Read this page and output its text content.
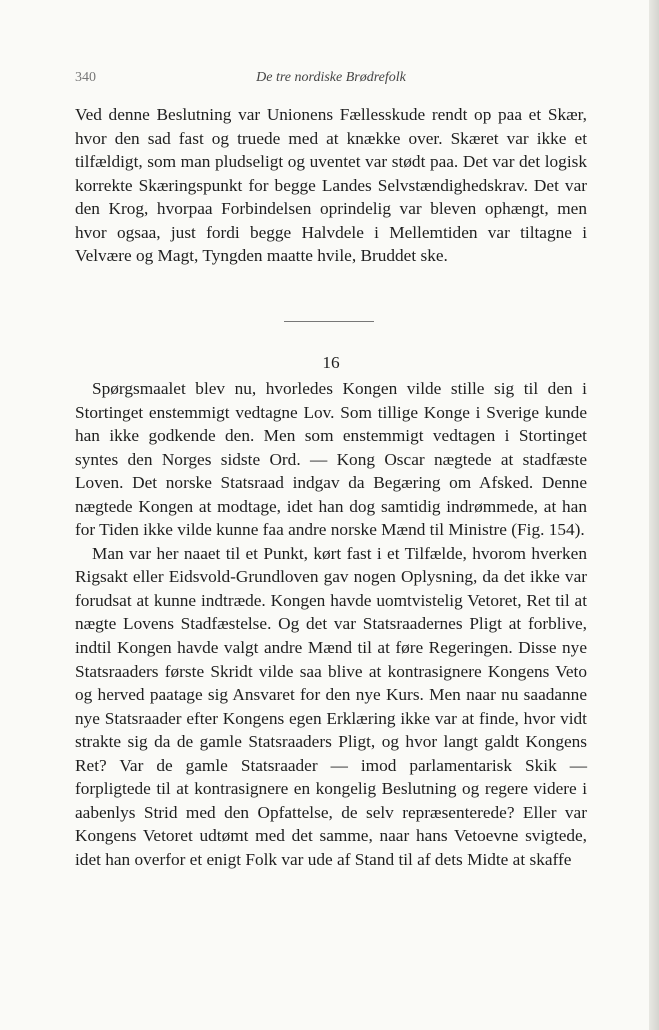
340	De tre nordiske Brødrefolk

Ved denne Beslutning var Unionens Fællesskude rendt op paa et Skær, hvor den sad fast og truede med at knække over. Skæret var ikke et tilfældigt, som man pludseligt og uventet var stødt paa. Det var det logisk korrekte Skæringspunkt for begge Landes Selvstændighedskrav. Det var den Krog, hvorpaa Forbindelsen oprindelig var bleven ophængt, men hvor ogsaa, just fordi begge Halvdele i Mellemtiden var tiltagne i Velvære og Magt, Tyngden maatte hvile, Bruddet ske.

16

Spørgsmaalet blev nu, hvorledes Kongen vilde stille sig til den i Stortinget enstemmigt vedtagne Lov. Som tillige Konge i Sverige kunde han ikke godkende den. Men som enstemmigt vedtagen i Stortinget syntes den Norges sidste Ord. — Kong Oscar nægtede at stadfæste Loven. Det norske Statsraad indgav da Begæring om Afsked. Denne nægtede Kongen at modtage, idet han dog samtidig indrømmede, at han for Tiden ikke vilde kunne faa andre norske Mænd til Ministre (Fig. 154).

Man var her naaet til et Punkt, kørt fast i et Tilfælde, hvorom hverken Rigsakt eller Eidsvold-Grundloven gav nogen Oplysning, da det ikke var forudsat at kunne indtræde. Kongen havde uomtvistelig Vetoret, Ret til at nægte Lovens Stadfæstelse. Og det var Statsraadernes Pligt at forblive, indtil Kongen havde valgt andre Mænd til at føre Regeringen. Disse nye Statsraaders første Skridt vilde saa blive at kontrasignere Kongens Veto og herved paatage sig Ansvaret for den nye Kurs. Men naar nu saadanne nye Statsraader efter Kongens egen Erklæring ikke var at finde, hvor vidt strakte sig da de gamle Statsraaders Pligt, og hvor langt galdt Kongens Ret? Var de gamle Statsraader — imod parlamentarisk Skik — forpligtede til at kontrasignere en kongelig Beslutning og regere videre i aabenlys Strid med den Opfattelse, de selv repræsenterede? Eller var Kongens Vetoret udtømt med det samme, naar hans Vetoevne svigtede, idet han overfor et enigt Folk var ude af Stand til af dets Midte at skaffe
